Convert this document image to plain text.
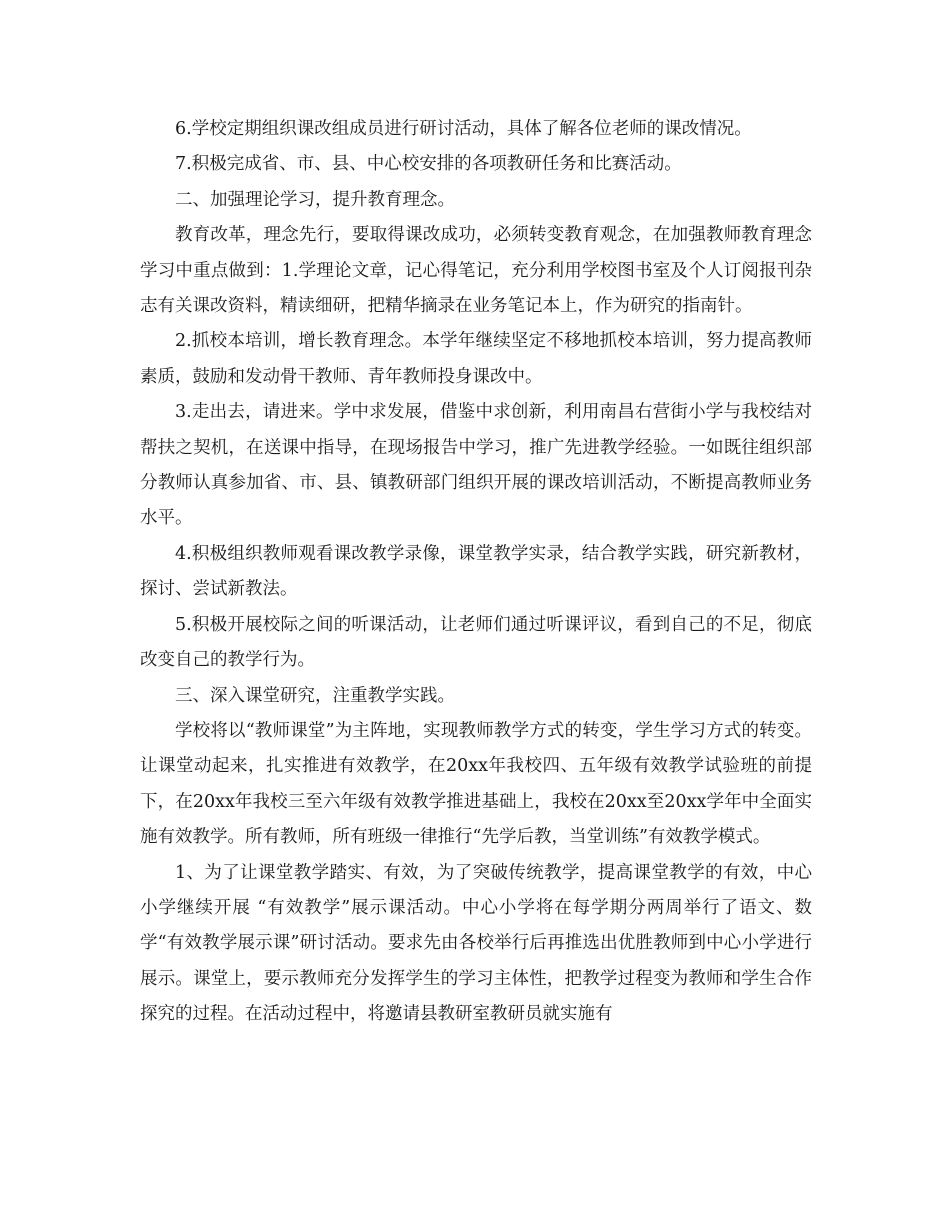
6.学校定期组织课改组成员进行研讨活动，具体了解各位老师的课改情况。

7.积极完成省、市、县、中心校安排的各项教研任务和比赛活动。

二、加强理论学习，提升教育理念。

教育改革，理念先行，要取得课改成功，必须转变教育观念，在加强教师教育理念学习中重点做到：1.学理论文章，记心得笔记，充分利用学校图书室及个人订阅报刊杂志有关课改资料，精读细研，把精华摘录在业务笔记本上，作为研究的指南针。

2.抓校本培训，增长教育理念。本学年继续坚定不移地抓校本培训，努力提高教师素质，鼓励和发动骨干教师、青年教师投身课改中。

3.走出去，请进来。学中求发展，借鉴中求创新，利用南昌右营街小学与我校结对帮扶之契机，在送课中指导，在现场报告中学习，推广先进教学经验。一如既往组织部分教师认真参加省、市、县、镇教研部门组织开展的课改培训活动，不断提高教师业务水平。

4.积极组织教师观看课改教学录像，课堂教学实录，结合教学实践，研究新教材，探讨、尝试新教法。

5.积极开展校际之间的听课活动，让老师们通过听课评议，看到自己的不足，彻底改变自己的教学行为。

三、深入课堂研究，注重教学实践。

学校将以“教师课堂”为主阵地，实现教师教学方式的转变，学生学习方式的转变。让课堂动起来，扎实推进有效教学，在20xx年我校四、五年级有效教学试验班的前提下，在20xx年我校三至六年级有效教学推进基础上，我校在20xx至20xx学年中全面实施有效教学。所有教师，所有班级一律推行“先学后教，当堂训练”有效教学模式。

1、为了让课堂教学踏实、有效，为了突破传统教学，提高课堂教学的有效，中心小学继续开展 “有效教学”展示课活动。中心小学将在每学期分两周举行了语文、数学“有效教学展示课”研讨活动。要求先由各校举行后再推选出优胜教师到中心小学进行展示。课堂上，要示教师充分发挥学生的学习主体性，把教学过程变为教师和学生合作探究的过程。在活动过程中，将邀请县教研室教研员就实施有
